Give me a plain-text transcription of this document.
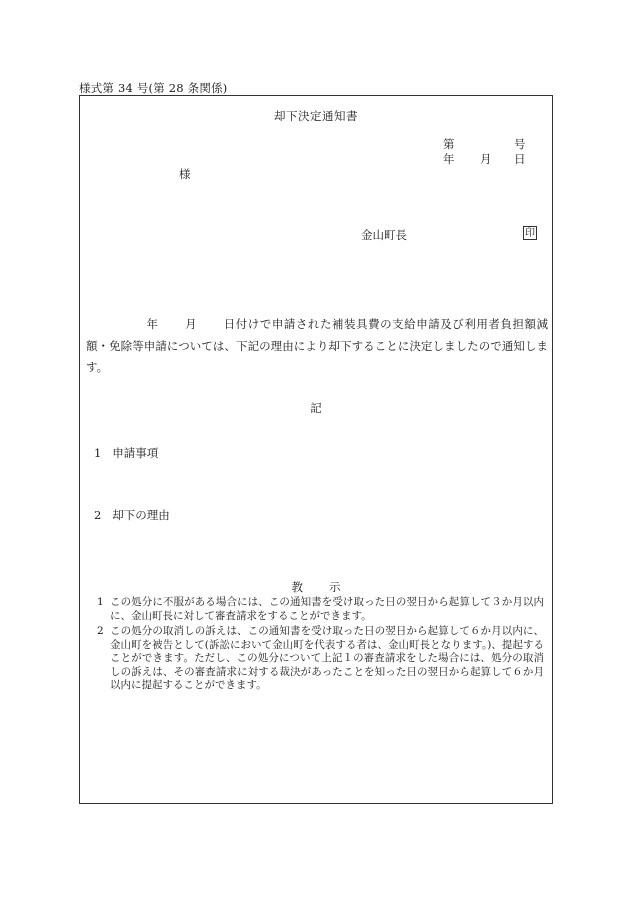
様式第 34 号(第 28 条関係)
却下決定通知書
第	号
年 月 日
様
金山町長	印
年 月 日付けで申請された補装具費の支給申請及び利用者負担額減額・免除等申請については、下記の理由により却下することに決定しましたので通知します。
記
1 申請事項
2 却下の理由
教示
1 この処分に不服がある場合には、この通知書を受け取った日の翌日から起算して３か月以内に、金山町長に対して審査請求をすることができます。
2 この処分の取消しの訴えは、この通知書を受け取った日の翌日から起算して６か月以内に、金山町を被告として(訴訟において金山町を代表する者は、金山町長となります。)、提起することができます。ただし、この処分について上記１の審査請求をした場合には、処分の取消しの訴えは、その審査請求に対する裁決があったことを知った日の翌日から起算して６か月以内に提起することができます。
